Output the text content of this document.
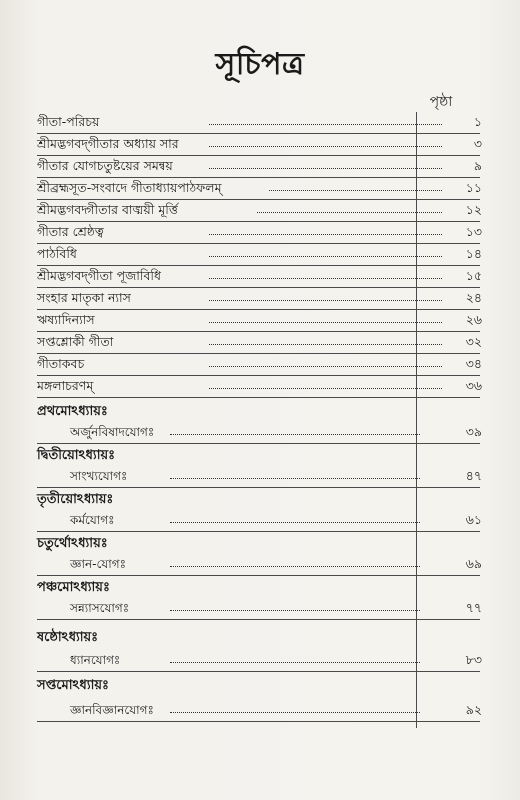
সূচিপত্র
পৃষ্ঠা
গীতা-পরিচয়	১
শ্রীমদ্ভগবদ্‌গীতার অধ্যায় সার	৩
গীতার যোগচতুষ্টয়ের সমন্বয়	৯
শ্রীব্রহ্মসূত-সংবাদে গীতাধ্যায়পাঠফলম্	১১
শ্রীমদ্ভগবদ্গীতার বাঙ্ময়ী মূর্ত্তি	১২
গীতার শ্রেষ্ঠত্ব	১৩
পাঠবিধি	১৪
শ্রীমদ্ভগবদ্‌গীতা পূজাবিধি	১৫
সংহার মাতৃকা ন্যাস	২৪
ঋষ্যাদিন্যাস	২৬
সপ্তশ্লোকী গীতা	৩২
গীতাকবচ	৩৪
মঙ্গলাচরণম্	৩৬
প্রথমোঽধ্যায়ঃ
অর্জুনবিষাদযোগঃ	৩৯
দ্বিতীয়োঽধ্যায়ঃ
সাংখ্যযোগঃ	৪৭
তৃতীয়োঽধ্যায়ঃ
কর্মযোগঃ	৬১
চতুর্থোঽধ্যায়ঃ
জ্ঞান-যোগঃ	৬৯
পঞ্চমোঽধ্যায়ঃ
সন্ন্যাসযোগঃ	৭৭
ষষ্ঠোঽধ্যায়ঃ
ধ্যানযোগঃ	৮৩
সপ্তমোঽধ্যায়ঃ
জ্ঞানবিজ্ঞানযোগঃ	৯২
